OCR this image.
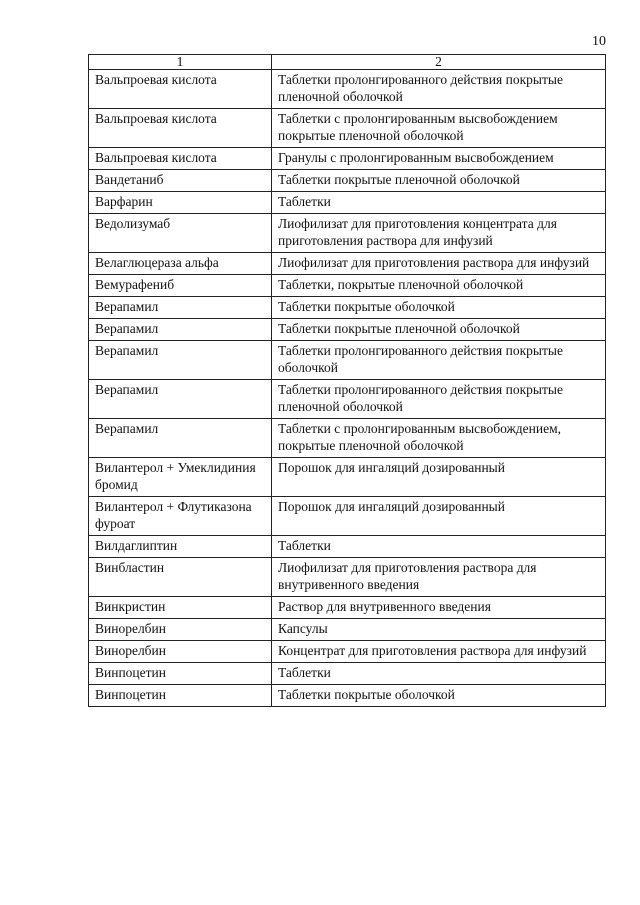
10
1	2
Вальпроевая кислота	Таблетки пролонгированного действия покрытые пленочной оболочкой
Вальпроевая кислота	Таблетки с пролонгированным высвобождением покрытые пленочной оболочкой
Вальпроевая кислота	Гранулы с пролонгированным высвобождением
Вандетаниб	Таблетки покрытые пленочной оболочкой
Варфарин	Таблетки
Ведолизумаб	Лиофилизат для приготовления концентрата для приготовления раствора для инфузий
Велаглюцераза альфа	Лиофилизат для приготовления раствора для инфузий
Вемурафениб	Таблетки, покрытые пленочной оболочкой
Верапамил	Таблетки покрытые оболочкой
Верапамил	Таблетки покрытые пленочной оболочкой
Верапамил	Таблетки пролонгированного действия покрытые оболочкой
Верапамил	Таблетки пролонгированного действия покрытые пленочной оболочкой
Верапамил	Таблетки с пролонгированным высвобождением, покрытые пленочной оболочкой
Вилантерол + Умеклидиния бромид	Порошок для ингаляций дозированный
Вилантерол + Флутиказона фуроат	Порошок для ингаляций дозированный
Вилдаглиптин	Таблетки
Винбластин	Лиофилизат для приготовления раствора для внутривенного введения
Винкристин	Раствор для внутривенного введения
Винорелбин	Капсулы
Винорелбин	Концентрат для приготовления раствора для инфузий
Винпоцетин	Таблетки
Винпоцетин	Таблетки покрытые оболочкой
